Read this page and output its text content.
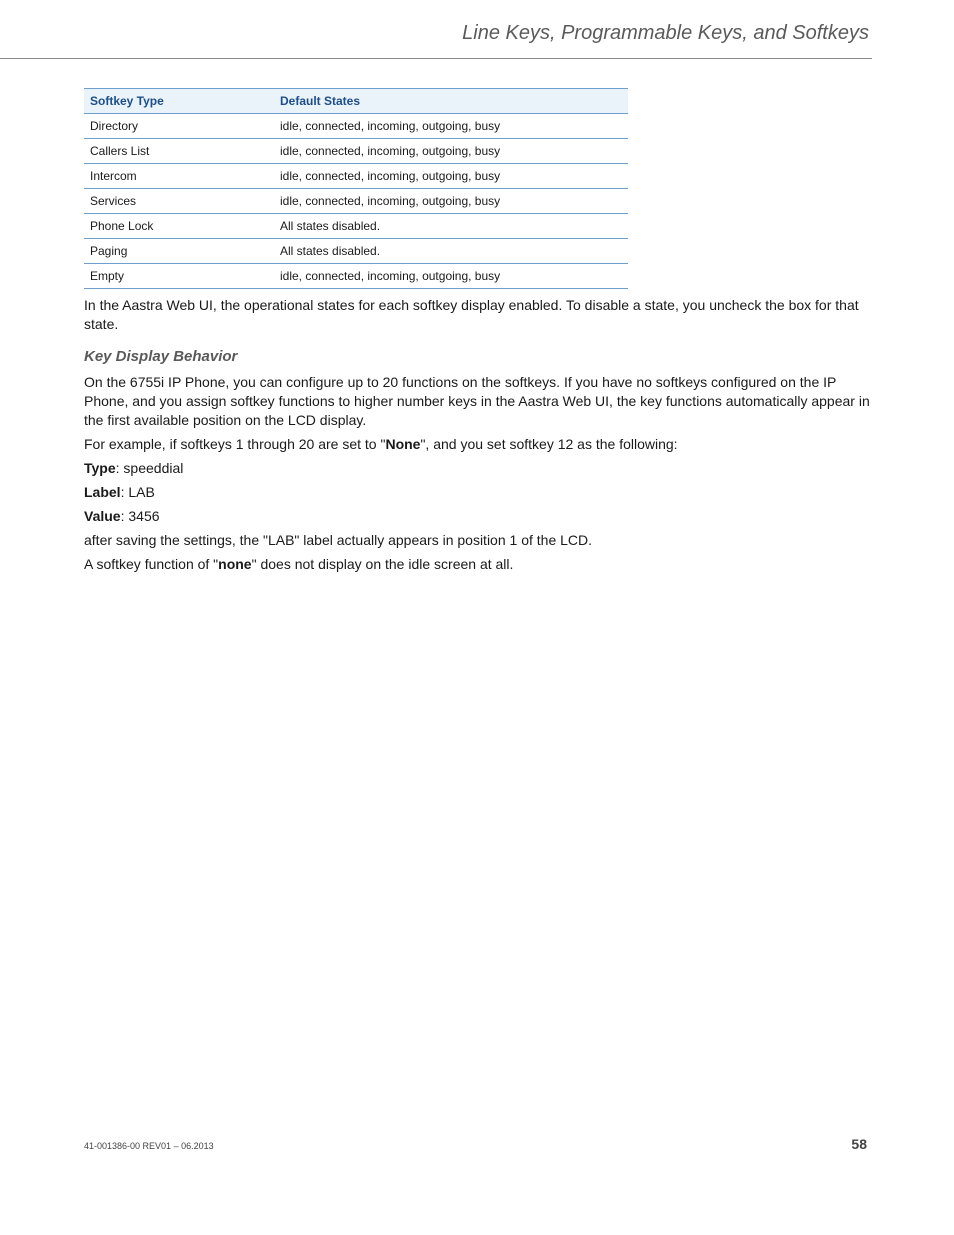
Line Keys, Programmable Keys, and Softkeys
Softkey Type	Default States
Directory	idle, connected, incoming, outgoing, busy
Callers List	idle, connected, incoming, outgoing, busy
Intercom	idle, connected, incoming, outgoing, busy
Services	idle, connected, incoming, outgoing, busy
Phone Lock	All states disabled.
Paging	All states disabled.
Empty	idle, connected, incoming, outgoing, busy

In the Aastra Web UI, the operational states for each softkey display enabled. To disable a state, you uncheck the box for that state.

Key Display Behavior

On the 6755i IP Phone, you can configure up to 20 functions on the softkeys. If you have no softkeys configured on the IP Phone, and you assign softkey functions to higher number keys in the Aastra Web UI, the key functions automatically appear in the first available position on the LCD display.

For example, if softkeys 1 through 20 are set to "None", and you set softkey 12 as the following:

Type: speeddial

Label: LAB

Value: 3456

after saving the settings, the "LAB" label actually appears in position 1 of the LCD.

A softkey function of "none" does not display on the idle screen at all.

41-001386-00 REV01 – 06.2013	58
